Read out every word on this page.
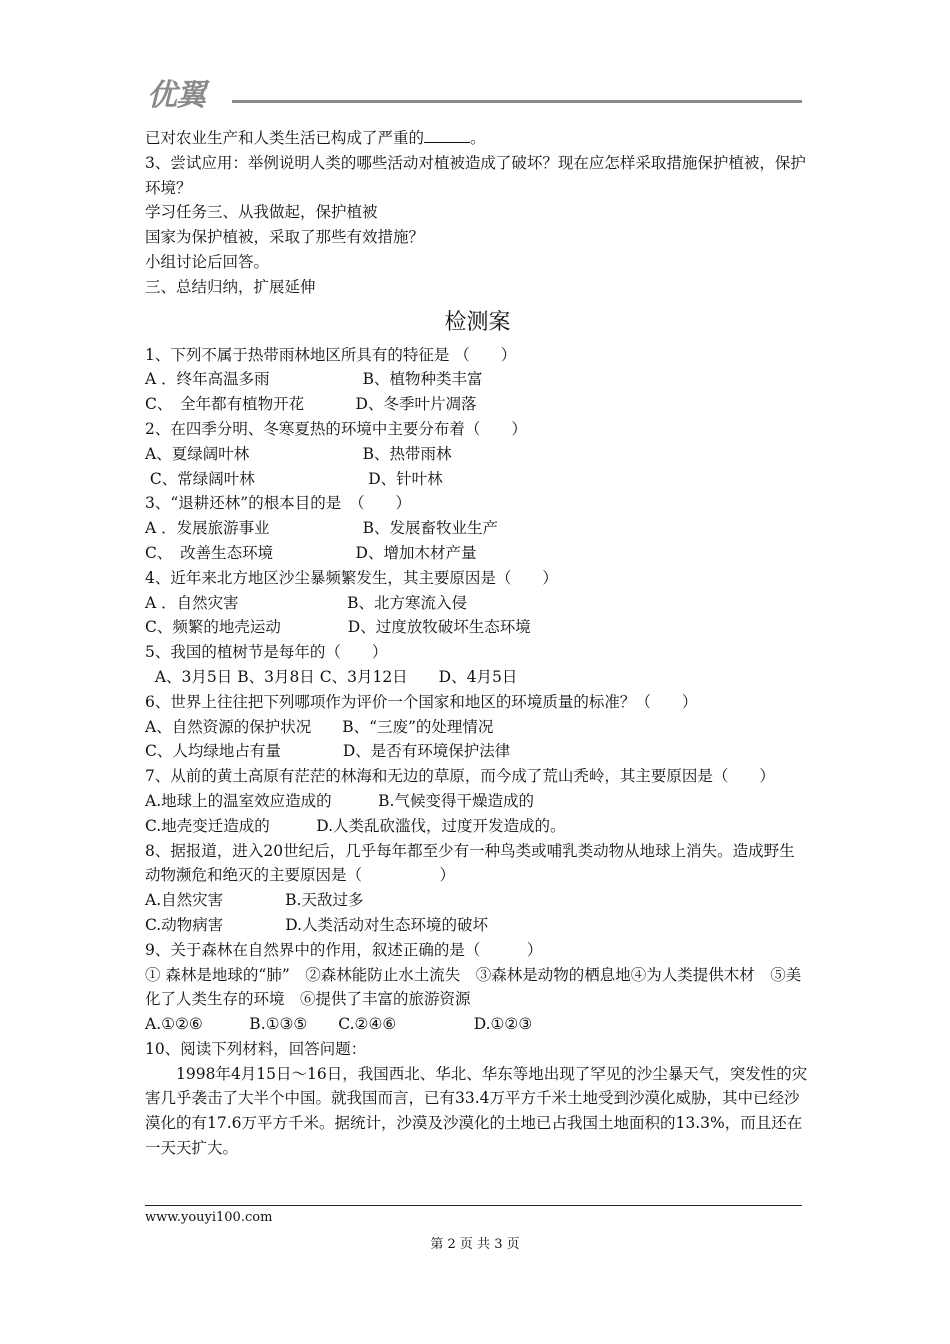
优翼
已对农业生产和人类生活已构成了严重的	。
3、尝试应用：举例说明人类的哪些活动对植被造成了破坏？现在应怎样采取措施保护植被，保护环境？
学习任务三、从我做起，保护植被
国家为保护植被，采取了那些有效措施？
小组讨论后回答。
三、总结归纳，扩展延伸
检测案
1、下列不属于热带雨林地区所具有的特征是 （　　）
A ．终年高温多雨　　　　　　B、植物种类丰富
C、　全年都有植物开花　　　 D、冬季叶片凋落
2、在四季分明、冬寒夏热的环境中主要分布着（　　）
A、夏绿阔叶林　　　　　　　 B、热带雨林
C、常绿阔叶林　　　　　　　 D、针叶林
3、“退耕还林”的根本目的是　（　　）
A ．发展旅游事业　　　　　　B、发展畜牧业生产
C、　改善生态环境　　　　　 D、增加木材产量
4、近年来北方地区沙尘暴频繁发生，其主要原因是（　　）
A ．自然灾害　　　　　　　B、北方寒流入侵
C、频繁的地壳运动　　　　 D、过度放牧破坏生态环境
5、我国的植树节是每年的（　　）
A、3月5日 B、3月8日 C、3月12日　　D、4月5日
6、世界上往往把下列哪项作为评价一个国家和地区的环境质量的标准？（　　）
A、自然资源的保护状况　　B、“三废”的处理情况
C、人均绿地占有量　　　　D、是否有环境保护法律
7、从前的黄土高原有茫茫的林海和无边的草原，而今成了荒山秃岭，其主要原因是（　　）
A.地球上的温室效应造成的　　　B.气候变得干燥造成的
C.地壳变迁造成的　　　D.人类乱砍滥伐，过度开发造成的。
8、据报道，进入20世纪后，几乎每年都至少有一种鸟类或哺乳类动物从地球上消失。造成野生动物濒危和绝灭的主要原因是（　　　　　）
A.自然灾害　　　　B.天敌过多
C.动物病害　　　　D.人类活动对生态环境的破坏
9、关于森林在自然界中的作用，叙述正确的是（　　　）
① 森林是地球的“肺”　②森林能防止水土流失　③森林是动物的栖息地④为人类提供木材　⑤美化了人类生存的环境　⑥提供了丰富的旅游资源
A.①②⑥　　　B.①③⑤　　C.②④⑥　　　　　D.①②③
10、阅读下列材料，回答问题：
1998年4月15日～16日，我国西北、华北、华东等地出现了罕见的沙尘暴天气，突发性的灾害几乎袭击了大半个中国。就我国而言，已有33.4万平方千米土地受到沙漠化威胁，其中已经沙漠化的有17.6万平方千米。据统计，沙漠及沙漠化的土地已占我国土地面积的13.3%，而且还在一天天扩大。
www.youyi100.com
第 2 页 共 3 页
